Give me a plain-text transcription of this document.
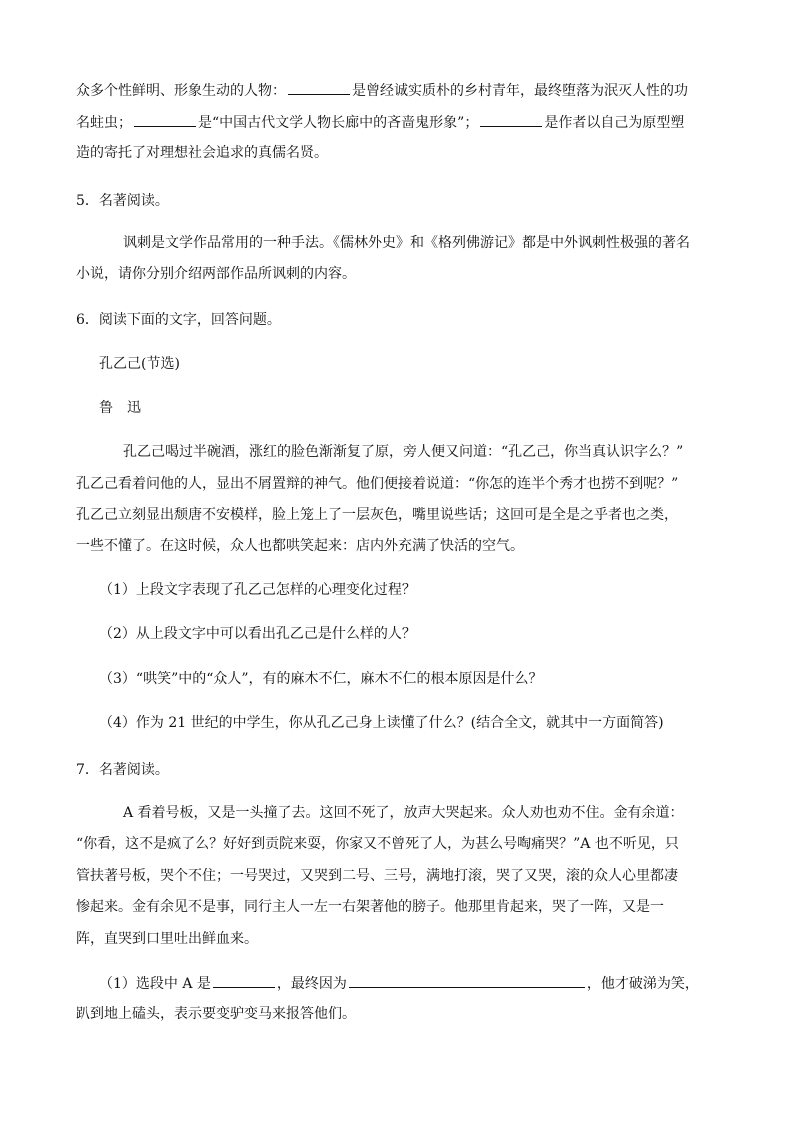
众多个性鲜明、形象生动的人物：	是曾经诚实质朴的乡村青年，最终堕落为泯灭人性的功
名蛀虫；	是“中国古代文学人物长廊中的吝啬鬼形象”；	是作者以自己为原型塑
造的寄托了对理想社会追求的真儒名贤。
5．名著阅读。
讽刺是文学作品常用的一种手法。《儒林外史》和《格列佛游记》都是中外讽刺性极强的著名
小说，请你分别介绍两部作品所讽刺的内容。
6．阅读下面的文字，回答问题。
孔乙己(节选)
鲁　迅
孔乙己喝过半碗酒，涨红的脸色渐渐复了原，旁人便又问道：“孔乙己，你当真认识字么？”
孔乙己看着问他的人，显出不屑置辩的神气。他们便接着说道：“你怎的连半个秀才也捞不到呢？”
孔乙己立刻显出颓唐不安模样，脸上笼上了一层灰色，嘴里说些话；这回可是全是之乎者也之类，
一些不懂了。在这时候，众人也都哄笑起来：店内外充满了快活的空气。
（1）上段文字表现了孔乙己怎样的心理变化过程？
（2）从上段文字中可以看出孔乙己是什么样的人？
（3）“哄笑”中的“众人”，有的麻木不仁，麻木不仁的根本原因是什么？
（4）作为 21 世纪的中学生，你从孔乙己身上读懂了什么？(结合全文，就其中一方面简答)
7．名著阅读。
A 看着号板，又是一头撞了去。这回不死了，放声大哭起来。众人劝也劝不住。金有余道：
“你看，这不是疯了么？好好到贡院来耍，你家又不曾死了人，为甚么号啕痛哭？”A 也不听见，只
管扶著号板，哭个不住；一号哭过，又哭到二号、三号，满地打滚，哭了又哭，滚的众人心里都凄
惨起来。金有余见不是事，同行主人一左一右架著他的膀子。他那里肯起来，哭了一阵，又是一
阵，直哭到口里吐出鲜血来。
（1）选段中 A 是	，最终因为	，他才破涕为笑，
趴到地上磕头，表示要变驴变马来报答他们。
